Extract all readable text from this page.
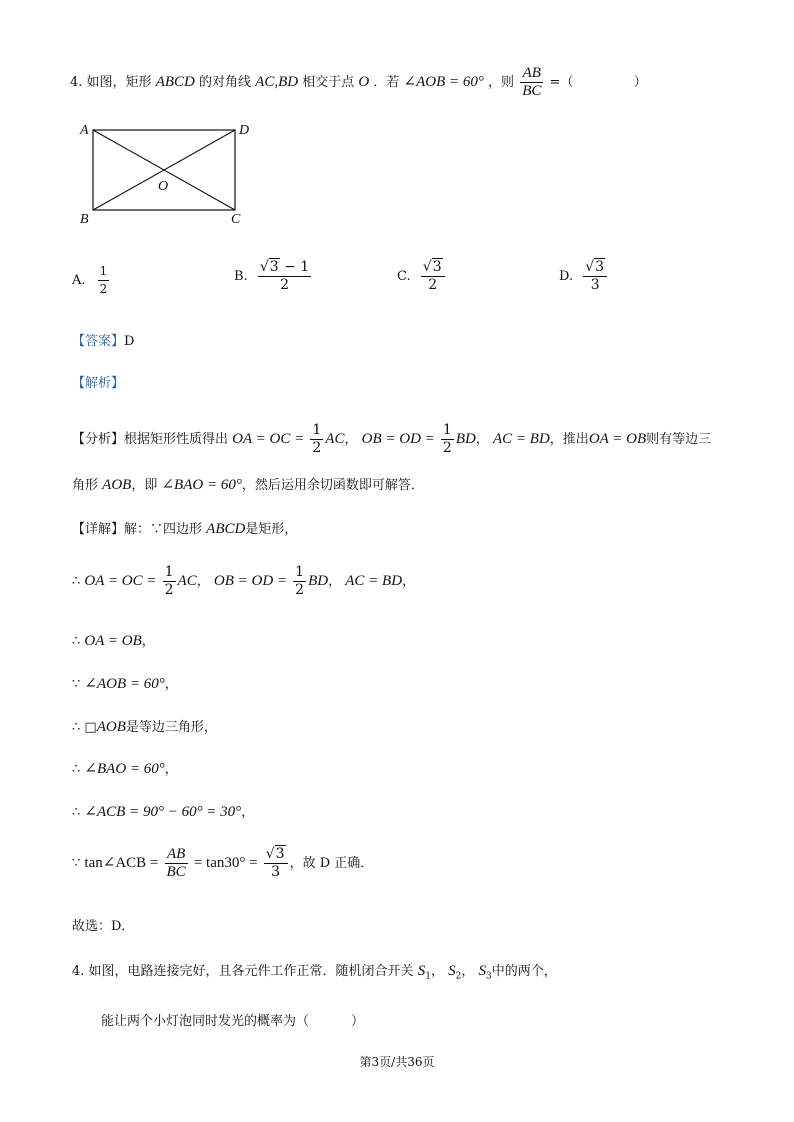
4. 如图，矩形 ABCD 的对角线 AC,BD 相交于点 O ．若 ∠AOB = 60° ，则 $\frac{AB}{BC}$ =（	）
A	D
O
B	C
A. $\frac{1}{2}$	B. $\frac{√3 - 1}{2}$	C. $\frac{√3}{2}$	D. $\frac{√3}{3}$
【答案】D
【解析】
【分析】根据矩形性质得出 OA = OC = $\frac{1}{2}$ AC， OB = OD = $\frac{1}{2}$ BD， AC = BD，推出OA = OB则有等边三
角形 AOB，即 ∠BAO = 60°，然后运用余切函数即可解答．
【详解】解：∵四边形 ABCD是矩形，
∴ OA = OC = $\frac{1}{2}$ AC， OB = OD = $\frac{1}{2}$ BD， AC = BD，
∴ OA = OB，
∵ ∠AOB = 60°，
∴ □AOB是等边三角形，
∴ ∠BAO = 60°，
∴ ∠ACB = 90° − 60° = 30°，
∵ tan∠ACB = $\frac{AB}{BC} = \tan 30^\circ = \frac{√3}{3}$ ，故 D 正确．
故选：D．
4. 如图，电路连接完好，且各元件工作正常．随机闭合开关 $S_1$， $S_2$， $S_3$中的两个，
能让两个小灯泡同时发光的概率为（	）
第3页/共36页
